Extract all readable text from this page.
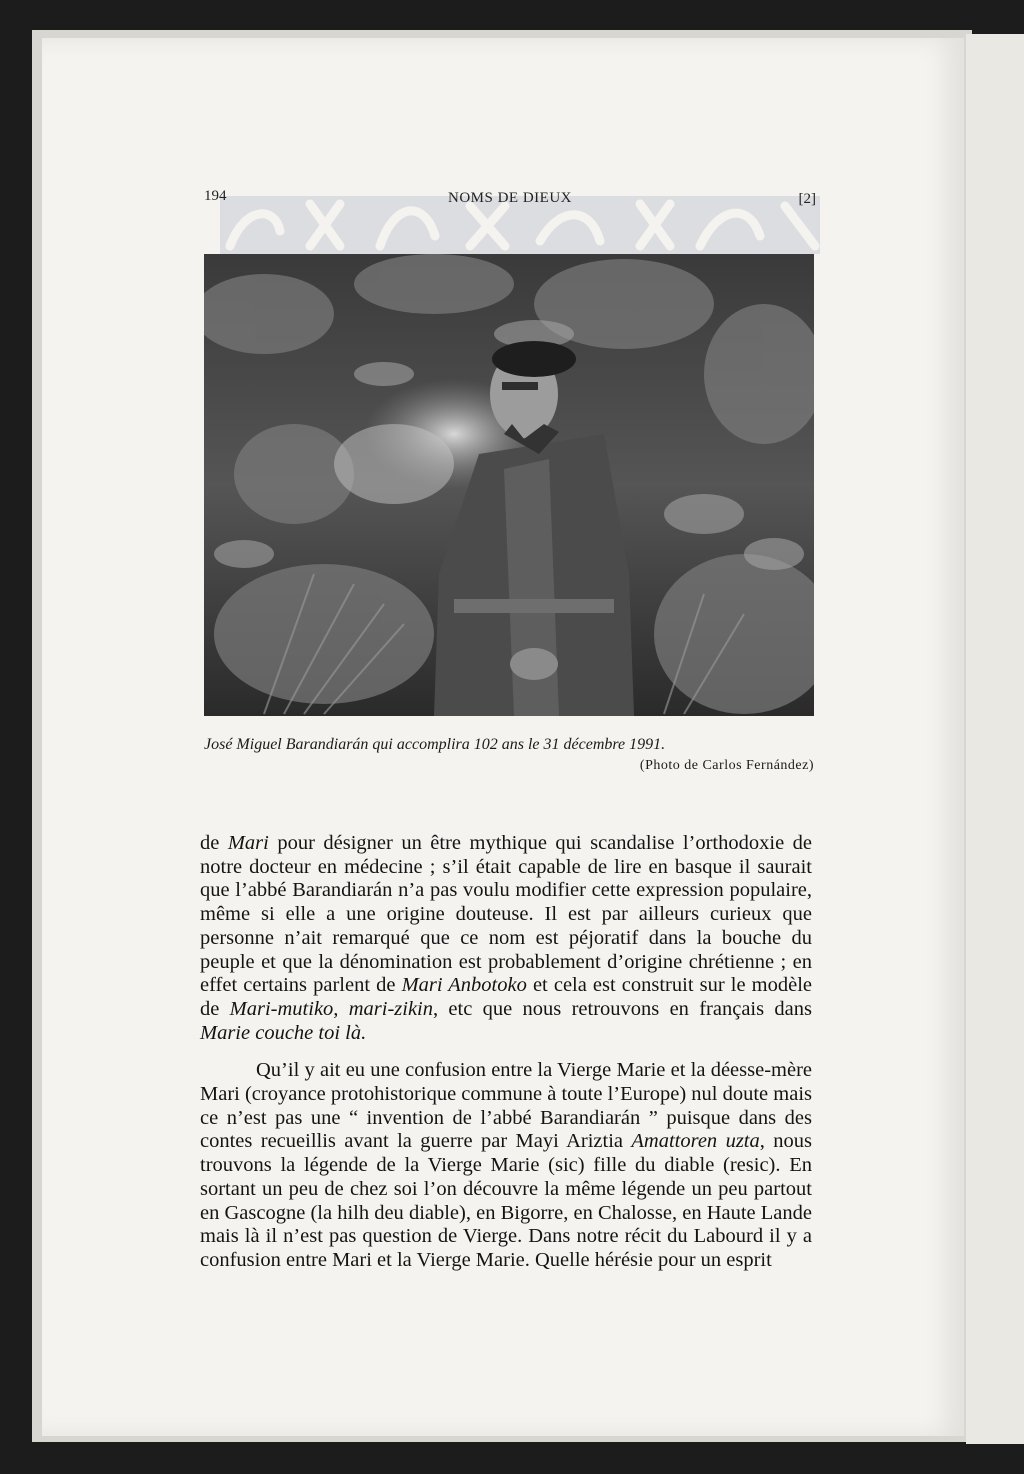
194	NOMS DE DIEUX	[2]
José Miguel Barandiarán qui accomplira 102 ans le 31 décembre 1991.
(Photo de Carlos Fernández)

de Mari pour désigner un être mythique qui scandalise l’orthodoxie de notre docteur en médecine ; s’il était capable de lire en basque il saurait que l’abbé Barandiarán n’a pas voulu modifier cette expression populaire, même si elle a une origine douteuse. Il est par ailleurs curieux que personne n’ait remarqué que ce nom est péjoratif dans la bouche du peuple et que la dénomination est probablement d’origine chrétienne ; en effet certains parlent de Mari Anbotoko et cela est construit sur le modèle de Mari-mutiko, mari-zikin, etc que nous retrouvons en français dans Marie couche toi là.

Qu’il y ait eu une confusion entre la Vierge Marie et la déesse-mère Mari (croyance protohistorique commune à toute l’Europe) nul doute mais ce n’est pas une “ invention de l’abbé Barandiarán ” puisque dans des contes recueillis avant la guerre par Mayi Ariztia Amattoren uzta, nous trouvons la légende de la Vierge Marie (sic) fille du diable (resic). En sortant un peu de chez soi l’on découvre la même légende un peu partout en Gascogne (la hilh deu diable), en Bigorre, en Chalosse, en Haute Lande mais là il n’est pas question de Vierge. Dans notre récit du Labourd il y a confusion entre Mari et la Vierge Marie. Quelle hérésie pour un esprit
